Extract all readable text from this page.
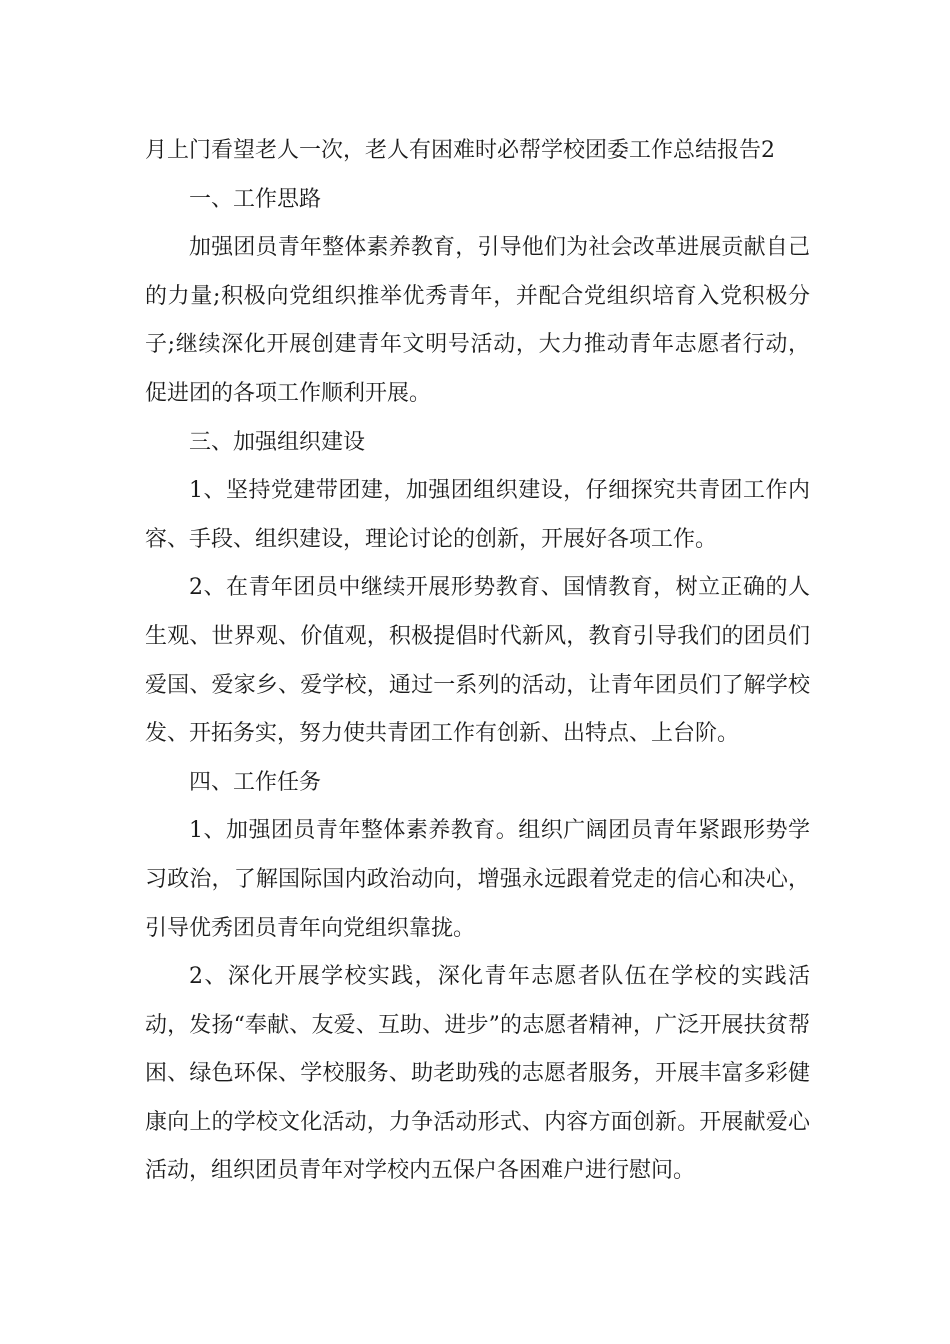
月上门看望老人一次，老人有困难时必帮学校团委工作总结报告2

一、工作思路

加强团员青年整体素养教育，引导他们为社会改革进展贡献自己的力量;积极向党组织推举优秀青年，并配合党组织培育入党积极分子;继续深化开展创建青年文明号活动，大力推动青年志愿者行动，促进团的各项工作顺利开展。

三、加强组织建设

1、坚持党建带团建，加强团组织建设，仔细探究共青团工作内容、手段、组织建设，理论讨论的创新，开展好各项工作。

2、在青年团员中继续开展形势教育、国情教育，树立正确的人生观、世界观、价值观，积极提倡时代新风，教育引导我们的团员们爱国、爱家乡、爱学校，通过一系列的活动，让青年团员们了解学校发、开拓务实，努力使共青团工作有创新、出特点、上台阶。

四、工作任务

1、加强团员青年整体素养教育。组织广阔团员青年紧跟形势学习政治，了解国际国内政治动向，增强永远跟着党走的信心和决心，引导优秀团员青年向党组织靠拢。

2、深化开展学校实践，深化青年志愿者队伍在学校的实践活动，发扬“奉献、友爱、互助、进步”的志愿者精神，广泛开展扶贫帮困、绿色环保、学校服务、助老助残的志愿者服务，开展丰富多彩健康向上的学校文化活动，力争活动形式、内容方面创新。开展献爱心活动，组织团员青年对学校内五保户各困难户进行慰问。
